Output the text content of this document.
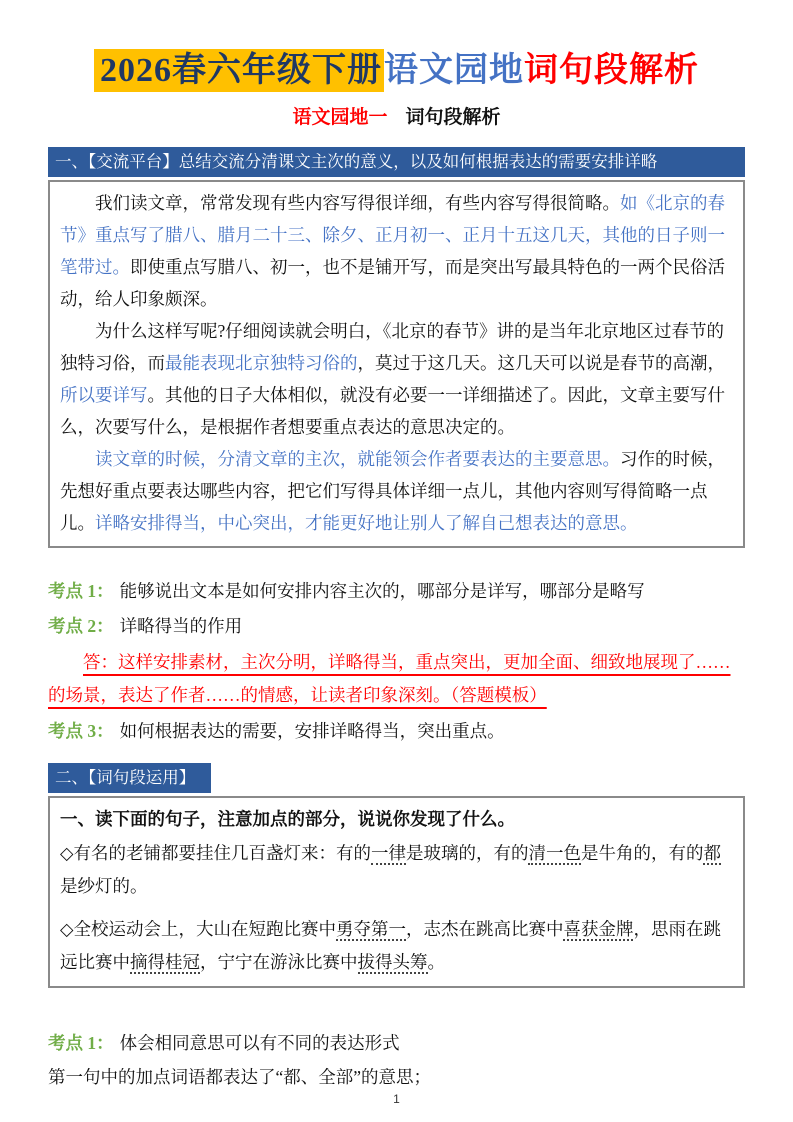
2026春六年级下册语文园地词句段解析
语文园地一 词句段解析
一、【交流平台】总结交流分清课文主次的意义，以及如何根据表达的需要安排详略

我们读文章，常常发现有些内容写得很详细，有些内容写得很简略。如《北京的春节》重点写了腊八、腊月二十三、除夕、正月初一、正月十五这几天，其他的日子则一笔带过。即使重点写腊八、初一，也不是铺开写，而是突出写最具特色的一两个民俗活动，给人印象颇深。

为什么这样写呢?仔细阅读就会明白，《北京的春节》讲的是当年北京地区过春节的独特习俗，而最能表现北京独特习俗的，莫过于这几天。这几天可以说是春节的高潮，所以要详写。其他的日子大体相似，就没有必要一一详细描述了。因此，文章主要写什么，次要写什么，是根据作者想要重点表达的意思决定的。

读文章的时候，分清文章的主次，就能领会作者要表达的主要意思。习作的时候，先想好重点要表达哪些内容，把它们写得具体详细一点儿，其他内容则写得简略一点儿。详略安排得当，中心突出，才能更好地让别人了解自己想表达的意思。

考点 1： 能够说出文本是如何安排内容主次的，哪部分是详写，哪部分是略写
考点 2： 详略得当的作用
答：这样安排素材，主次分明，详略得当，重点突出，更加全面、细致地展现了……的场景，表达了作者……的情感，让读者印象深刻。（答题模板）
考点 3： 如何根据表达的需要，安排详略得当，突出重点。
二、【词句段运用】
一、读下面的句子，注意加点的部分，说说你发现了什么。
◇有名的老铺都要挂住几百盏灯来：有的一律是玻璃的，有的清一色是牛角的，有的都是纱灯的。
◇全校运动会上，大山在短跑比赛中勇夺第一，志杰在跳高比赛中喜获金牌，思雨在跳远比赛中摘得桂冠，宁宁在游泳比赛中拔得头筹。
考点 1： 体会相同意思可以有不同的表达形式
第一句中的加点词语都表达了“都、全部”的意思；
1
